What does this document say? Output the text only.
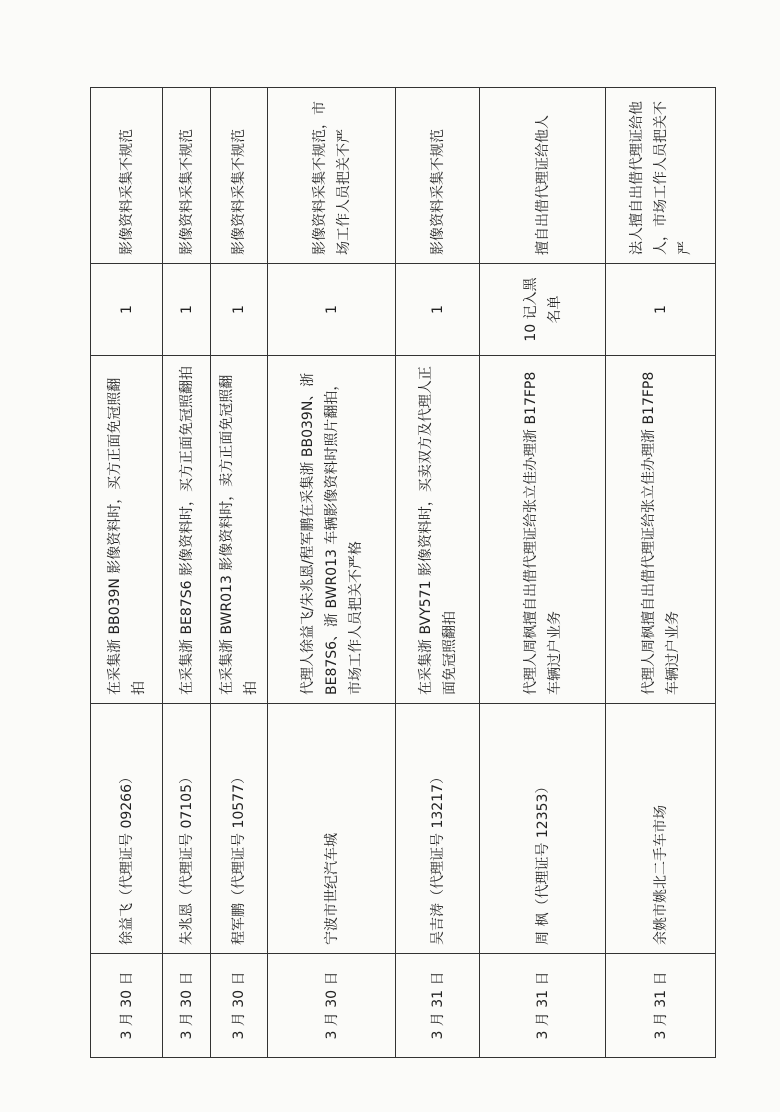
3 月 30 日	徐益飞（代理证号 09266）	在采集浙 BB039N 影像资料时，买方正面免冠照翻拍	1	影像资料采集不规范
3 月 30 日	朱兆恩（代理证号 07105）	在采集浙 BE87S6 影像资料时，买方正面免冠照翻拍	1	影像资料采集不规范
3 月 30 日	程军鹏（代理证号 10577）	在采集浙 BWR013 影像资料时，卖方正面免冠照翻拍	1	影像资料采集不规范
3 月 30 日	宁波市世纪汽车城	代理人徐益飞/朱兆恩/程军鹏在采集浙 BB039N、浙 BE87S6、浙 BWR013 车辆影像资料时照片翻拍，市场工作人员把关不严格	1	影像资料采集不规范，市场工作人员把关不严
3 月 31 日	吴吉涛（代理证号 13217）	在采集浙 BVY571 影像资料时，买卖双方及代理人正面免冠照翻拍	1	影像资料采集不规范
3 月 31 日	周 枫（代理证号 12353）	代理人周枫擅自出借代理证给张立佳办理浙 B17FP8 车辆过户业务	10 记入黑名单	擅自出借代理证给他人
3 月 31 日	余姚市姚北二手车市场	代理人周枫擅自出借代理证给张立佳办理浙 B17FP8 车辆过户业务	1	法人擅自出借代理证给他人，市场工作人员把关不严
